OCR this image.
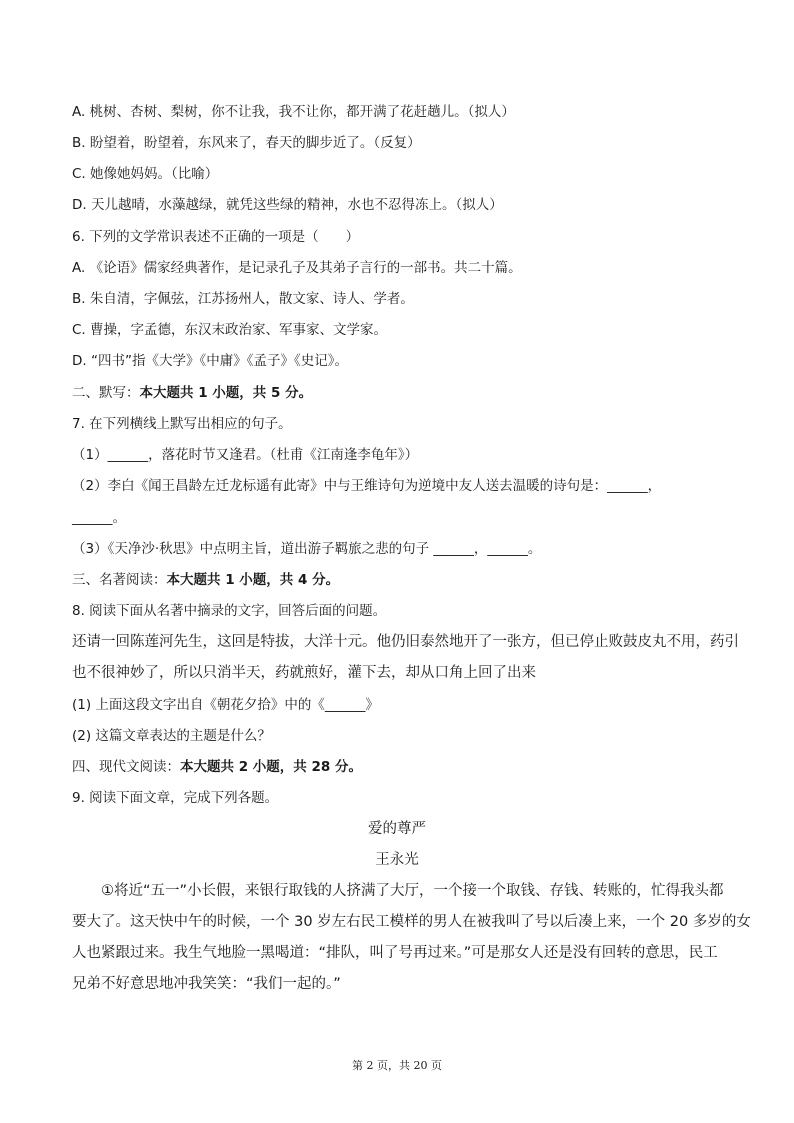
A. 桃树、杏树、梨树，你不让我，我不让你，都开满了花赶趟儿。（拟人）
B. 盼望着，盼望着，东风来了，春天的脚步近了。（反复）
C. 她像她妈妈。（比喻）
D. 天儿越晴，水藻越绿，就凭这些绿的精神，水也不忍得冻上。（拟人）
6. 下列的文学常识表述不正确的一项是（　　）
A. 《论语》儒家经典著作，是记录孔子及其弟子言行的一部书。共二十篇。
B. 朱自清，字佩弦，江苏扬州人，散文家、诗人、学者。
C. 曹操，字孟德，东汉末政治家、军事家、文学家。
D. “四书”指《大学》《中庸》《孟子》《史记》。
二、默写：本大题共 1 小题，共 5 分。
7. 在下列横线上默写出相应的句子。
（1）______，落花时节又逢君。（杜甫《江南逢李龟年》）
（2）李白《闻王昌龄左迁龙标遥有此寄》中与王维诗句为逆境中友人送去温暖的诗句是：______，
______。
（3）《天净沙·秋思》中点明主旨，道出游子羁旅之悲的句子 ______，______。
三、名著阅读：本大题共 1 小题，共 4 分。
8. 阅读下面从名著中摘录的文字，回答后面的问题。
还请一回陈莲河先生，这回是特拔，大洋十元。他仍旧泰然地开了一张方，但已停止败鼓皮丸不用，药引
也不很神妙了，所以只消半天，药就煎好，灌下去，却从口角上回了出来
(1) 上面这段文字出自《朝花夕拾》中的《______》
(2) 这篇文章表达的主题是什么？
四、现代文阅读：本大题共 2 小题，共 28 分。
9. 阅读下面文章，完成下列各题。
爱的尊严
王永光
　　①将近“五一”小长假，来银行取钱的人挤满了大厅，一个接一个取钱、存钱、转账的，忙得我头都
要大了。这天快中午的时候，一个 30 岁左右民工模样的男人在被我叫了号以后凑上来，一个 20 多岁的女
人也紧跟过来。我生气地脸一黑喝道：“排队，叫了号再过来。”可是那女人还是没有回转的意思，民工
兄弟不好意思地冲我笑笑：“我们一起的。”
第 2 页，共 20 页
